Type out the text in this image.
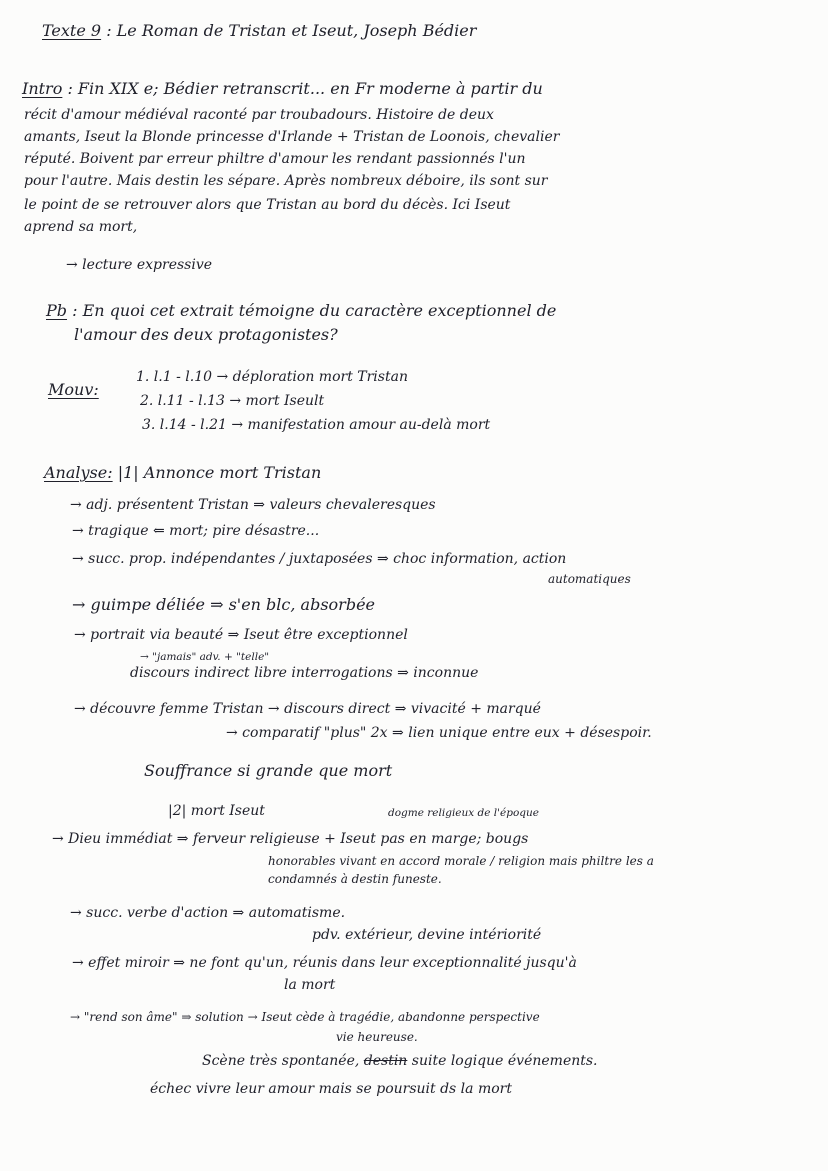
Texte 9 : Le Roman de Tristan et Iseut, Joseph Bédier
Intro : Fin XIX e; Bédier retranscrit... en Fr moderne à partir du
récit d'amour médiéval raconté par troubadours. Histoire de deux
amants, Iseut la Blonde princesse d'Irlande + Tristan de Loonois, chevalier
réputé. Boivent par erreur philtre d'amour les rendant passionnés l'un
pour l'autre. Mais destin les sépare. Après nombreux déboire, ils sont sur
le point de se retrouver alors que Tristan au bord du décès. Ici Iseut
aprend sa mort,
→ lecture expressive
Pb : En quoi cet extrait témoigne du caractère exceptionnel de
l'amour des deux protagonistes?
Mouv:
1. l.1 - l.10 → déploration mort Tristan
2. l.11 - l.13 → mort Iseult
3. l.14 - l.21 → manifestation amour au-delà mort
Analyse: |1| Annonce mort Tristan
→ adj. présentent Tristan ⇒ valeurs chevaleresques
→ tragique ⇐ mort; pire désastre...
→ succ. prop. indépendantes / juxtaposées ⇒ choc information, action
automatiques
→ guimpe déliée ⇒ s'en blc, absorbée
→ portrait via beauté ⇒ Iseut être exceptionnel
→ "jamais" adv. + "telle"
discours indirect libre interrogations ⇒ inconnue
→ découvre femme Tristan → discours direct ⇒ vivacité + marqué
→ comparatif "plus" 2x ⇒ lien unique entre eux + désespoir.
Souffrance si grande que mort
|2| mort Iseut	dogme religieux de l'époque
→ Dieu immédiat ⇒ ferveur religieuse + Iseut pas en marge; bougs
honorables vivant en accord morale / religion mais philtre les a
condamnés à destin funeste.
→ succ. verbe d'action ⇒ automatisme.
pdv. extérieur, devine intériorité
→ effet miroir ⇒ ne font qu'un, réunis dans leur exceptionnalité jusqu'à
la mort
→ "rend son âme" ⇒ solution → Iseut cède à tragédie, abandonne perspective
vie heureuse.
Scène très spontanée, destin suite logique événements.
échec vivre leur amour mais se poursuit ds la mort
